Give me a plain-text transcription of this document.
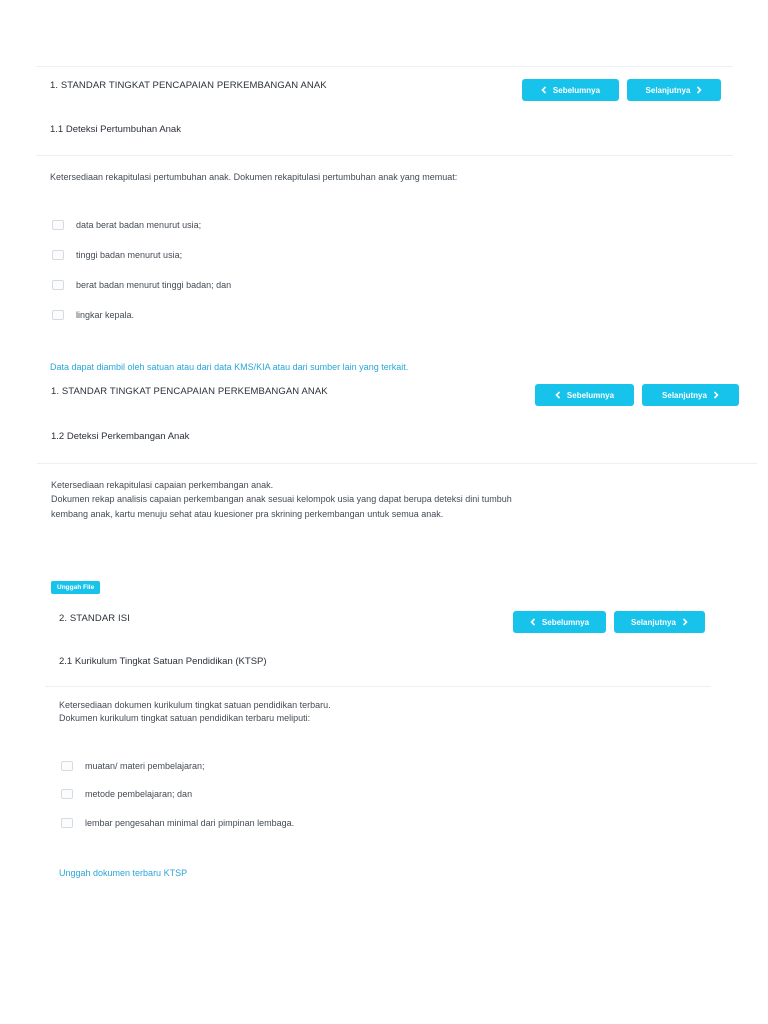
1. STANDAR TINGKAT PENCAPAIAN PERKEMBANGAN ANAK	Sebelumnya	Selanjutnya
1.1 Deteksi Pertumbuhan Anak
Ketersediaan rekapitulasi pertumbuhan anak. Dokumen rekapitulasi pertumbuhan anak yang memuat:
data berat badan menurut usia;
tinggi badan menurut usia;
berat badan menurut tinggi badan; dan
lingkar kepala.
Data dapat diambil oleh satuan atau dari data KMS/KIA atau dari sumber lain yang terkait.
1. STANDAR TINGKAT PENCAPAIAN PERKEMBANGAN ANAK	Sebelumnya	Selanjutnya
1.2 Deteksi Perkembangan Anak
Ketersediaan rekapitulasi capaian perkembangan anak.
Dokumen rekap analisis capaian perkembangan anak sesuai kelompok usia yang dapat berupa deteksi dini tumbuh
kembang anak, kartu menuju sehat atau kuesioner pra skrining perkembangan untuk semua anak.
Unggah File
2. STANDAR ISI	Sebelumnya	Selanjutnya
2.1 Kurikulum Tingkat Satuan Pendidikan (KTSP)
Ketersediaan dokumen kurikulum tingkat satuan pendidikan terbaru.
Dokumen kurikulum tingkat satuan pendidikan terbaru meliputi:
muatan/ materi pembelajaran;
metode pembelajaran; dan
lembar pengesahan minimal dari pimpinan lembaga.
Unggah dokumen terbaru KTSP
